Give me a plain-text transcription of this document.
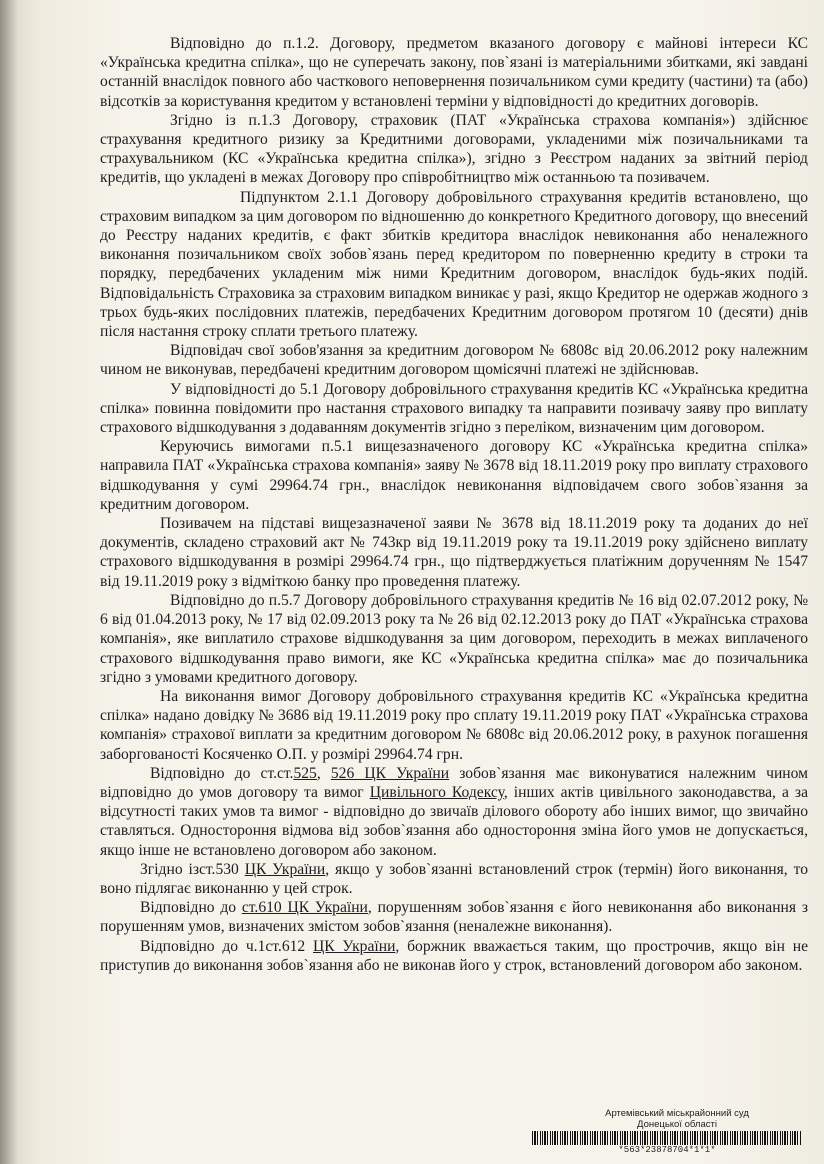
Відповідно до п.1.2. Договору, предметом вказаного договору є майнові інтереси КС «Українська кредитна спілка», що не суперечать закону, пов`язані із матеріальними збитками, які завдані останній внаслідок повного або часткового неповернення позичальником суми кредиту (частини) та (або) відсотків за користування кредитом у встановлені терміни у відповідності до кредитних договорів.

Згідно із п.1.3 Договору, страховик (ПАТ «Українська страхова компанія») здійснює страхування кредитного ризику за Кредитними договорами, укладеними між позичальниками та страхувальником (КС «Українська кредитна спілка»), згідно з Реєстром наданих за звітний період кредитів, що укладені в межах Договору про співробітництво між останньою та позивачем.

Підпунктом 2.1.1 Договору добровільного страхування кредитів встановлено, що страховим випадком за цим договором по відношенню до конкретного Кредитного договору, що внесений до Реєстру наданих кредитів, є факт збитків кредитора внаслідок невиконання або неналежного виконання позичальником своїх зобов`язань перед кредитором по поверненню кредиту в строки та порядку, передбачених укладеним між ними Кредитним договором, внаслідок будь-яких подій. Відповідальність Страховика за страховим випадком виникає у разі, якщо Кредитор не одержав жодного з трьох будь-яких послідовних платежів, передбачених Кредитним договором протягом 10 (десяти) днів після настання строку сплати третього платежу.

Відповідач свої зобов'язання за кредитним договором № 6808с від 20.06.2012 року належним чином не виконував, передбачені кредитним договором щомісячні платежі не здійснював.

У відповідності до 5.1 Договору добровільного страхування кредитів КС «Українська кредитна спілка» повинна повідомити про настання страхового випадку та направити позивачу заяву про виплату страхового відшкодування з додаванням документів згідно з переліком, визначеним цим договором.

Керуючись вимогами п.5.1 вищезазначеного договору КС «Українська кредитна спілка» направила ПАТ «Українська страхова компанія» заяву № 3678 від 18.11.2019 року про виплату страхового відшкодування у сумі 29964.74 грн., внаслідок невиконання відповідачем свого зобов`язання за кредитним договором.

Позивачем на підставі вищезазначеної заяви № 3678 від 18.11.2019 року та доданих до неї документів, складено страховий акт № 743кр від 19.11.2019 року та 19.11.2019 року здійснено виплату страхового відшкодування в розмірі 29964.74 грн., що підтверджується платіжним дорученням № 1547 від 19.11.2019 року з відміткою банку про проведення платежу.

Відповідно до п.5.7 Договору добровільного страхування кредитів № 16 від 02.07.2012 року, № 6 від 01.04.2013 року, № 17 від 02.09.2013 року та № 26 від 02.12.2013 року до ПАТ «Українська страхова компанія», яке виплатило страхове відшкодування за цим договором, переходить в межах виплаченого страхового відшкодування право вимоги, яке КС «Українська кредитна спілка» має до позичальника згідно з умовами кредитного договору.

На виконання вимог Договору добровільного страхування кредитів КС «Українська кредитна спілка» надано довідку № 3686 від 19.11.2019 року про сплату 19.11.2019 року ПАТ «Українська страхова компанія» страхової виплати за кредитним договором № 6808с від 20.06.2012 року, в рахунок погашення заборгованості Косяченко О.П. у розмірі 29964.74 грн.

Відповідно до ст.ст.525, 526 ЦК України зобов`язання має виконуватися належним чином відповідно до умов договору та вимог Цивільного Кодексу, інших актів цивільного законодавства, а за відсутності таких умов та вимог - відповідно до звичаїв ділового обороту або інших вимог, що звичайно ставляться. Одностороння відмова від зобов`язання або одностороння зміна його умов не допускається, якщо інше не встановлено договором або законом.

Згідно ізст.530 ЦК України, якщо у зобов`язанні встановлений строк (термін) його виконання, то воно підлягає виконанню у цей строк.

Відповідно до ст.610 ЦК України, порушенням зобов`язання є його невиконання або виконання з порушенням умов, визначених змістом зобов`язання (неналежне виконання).

Відповідно до ч.1ст.612 ЦК України, боржник вважається таким, що прострочив, якщо він не приступив до виконання зобов`язання або не виконав його у строк, встановлений договором або законом.

Артемівський міськрайонний суд
Донецької області
*563*23878704*1*1*
